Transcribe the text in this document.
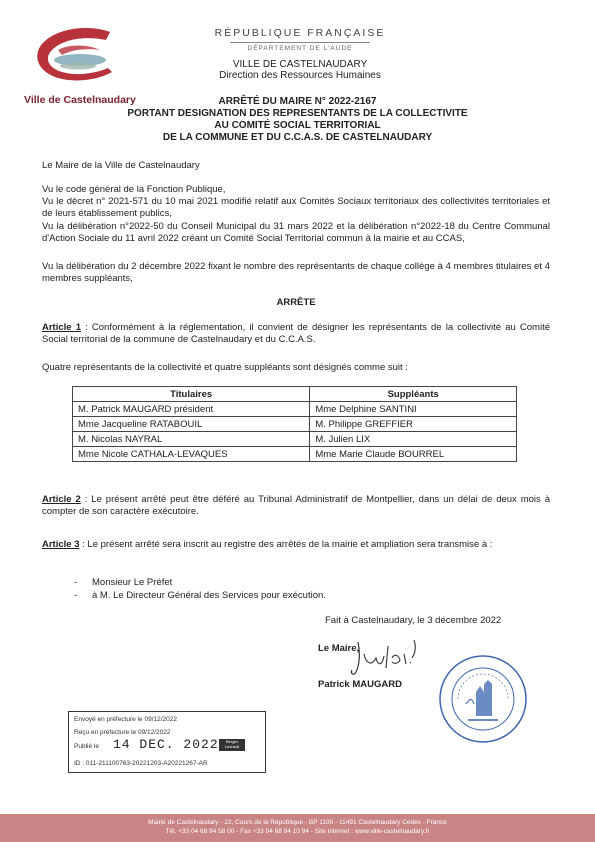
Ville de Castelnaudary
RÉPUBLIQUE FRANÇAISE
DÉPARTEMENT DE L'AUDE
VILLE DE CASTELNAUDARY
Direction des Ressources Humaines
ARRÊTÉ DU MAIRE N° 2022-2167
PORTANT DESIGNATION DES REPRESENTANTS DE LA COLLECTIVITE
AU COMITÉ SOCIAL TERRITORIAL
DE LA COMMUNE ET DU C.C.A.S. DE CASTELNAUDARY
Le Maire de la Ville de Castelnaudary
Vu le code général de la Fonction Publique,
Vu le décret n° 2021-571 du 10 mai 2021 modifié relatif aux Comités Sociaux territoriaux des collectivités territoriales et de leurs établissement publics,
Vu la délibération n°2022-50 du Conseil Municipal du 31 mars 2022 et la délibération n°2022-18 du Centre Communal d'Action Sociale du 11 avril 2022 créant un Comité Social Territorial commun à la mairie et au CCAS,
Vu la délibération du 2 décembre 2022 fixant le nombre des représentants de chaque collège à 4 membres titulaires et 4 membres suppléants,
ARRÊTE
Article 1 : Conformément à la réglementation, il convient de désigner les représentants de la collectivité au Comité Social territorial de la commune de Castelnaudary et du C.C.A.S.
Quatre représentants de la collectivité et quatre suppléants sont désignés comme suit :
Titulaires	Suppléants
M. Patrick MAUGARD président	Mme Delphine SANTINI
Mme Jacqueline RATABOUIL	M. Philippe GREFFIER
M. Nicolas NAYRAL	M. Julien LIX
Mme Nicole CATHALA-LEVAQUES	Mme Marie Claude BOURREL
Article 2 : Le présent arrêté peut être déféré au Tribunal Administratif de Montpellier, dans un délai de deux mois à compter de son caractère exécutoire.
Article 3 : Le présent arrêté sera inscrit au registre des arrêtés de la mairie et ampliation sera transmise à :
- Monsieur Le Préfet
- à M. Le Directeur Général des Services pour exécution.
Fait à Castelnaudary, le 3 décembre 2022
Le Maire,
Patrick MAUGARD
Envoyé en préfecture le 09/12/2022
Reçu en préfecture le 09/12/2022
Publié le 14 DEC. 2022	Berger Levrault
ID : 011-211100763-20221203-A20221267-AR
Mairie de Castelnaudary - 22, Cours de la République - BP 1100 - 11491 Castelnaudary Cedex - France
Tél. +33 04 68 94 58 00 - Fax +33 04 68 94 10 94 - Site internet : www.ville-castelnaudary.fr
